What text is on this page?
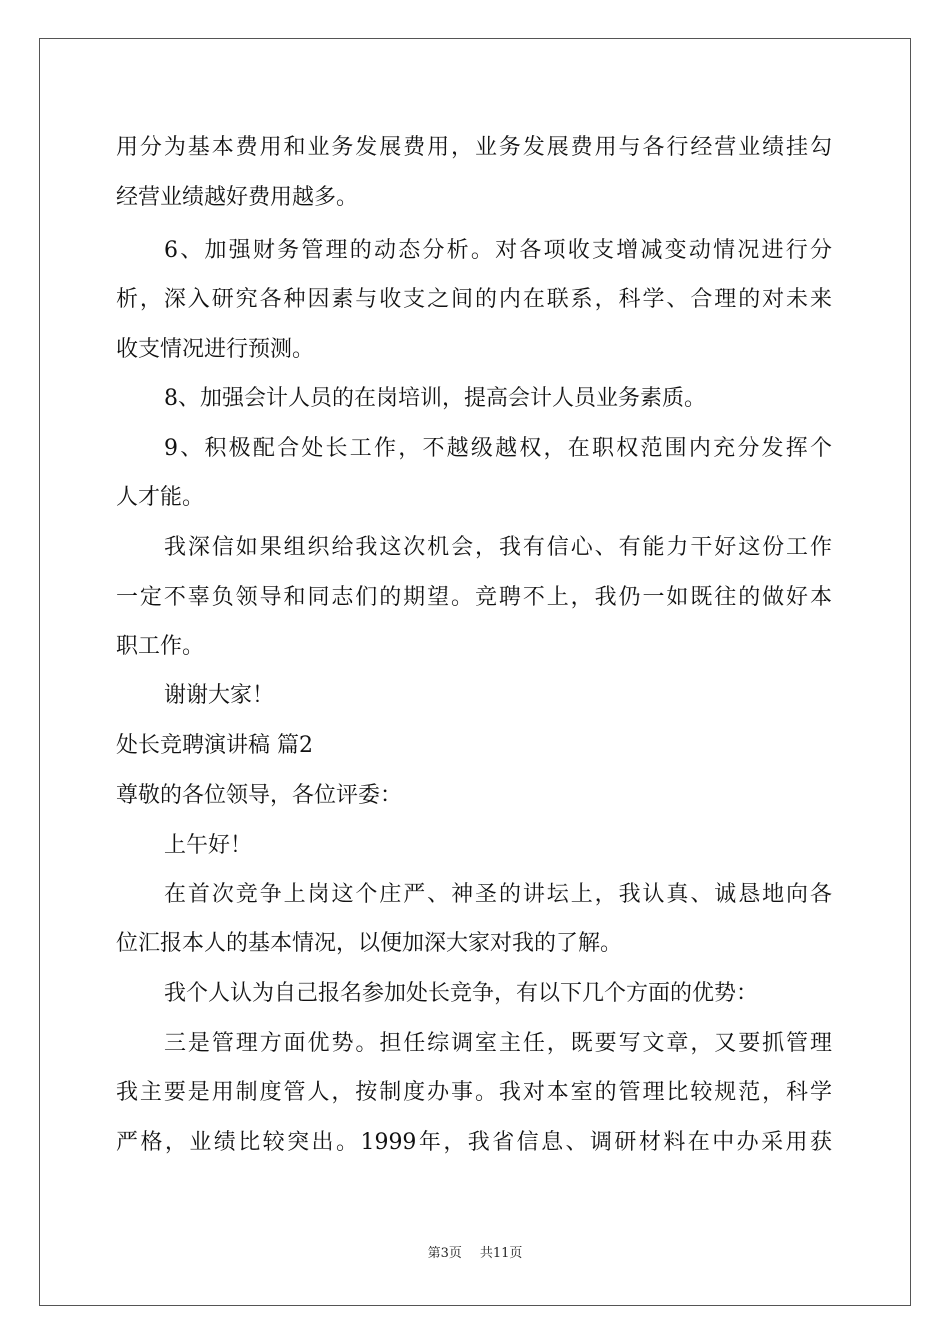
用分为基本费用和业务发展费用，业务发展费用与各行经营业绩挂勾
经营业绩越好费用越多。
6、加强财务管理的动态分析。对各项收支增减变动情况进行分
析，深入研究各种因素与收支之间的内在联系，科学、合理的对未来
收支情况进行预测。
8、加强会计人员的在岗培训，提高会计人员业务素质。
9、积极配合处长工作，不越级越权，在职权范围内充分发挥个
人才能。
我深信如果组织给我这次机会，我有信心、有能力干好这份工作
一定不辜负领导和同志们的期望。竞聘不上，我仍一如既往的做好本
职工作。
谢谢大家！
处长竞聘演讲稿 篇2
尊敬的各位领导，各位评委：
上午好！
在首次竞争上岗这个庄严、神圣的讲坛上，我认真、诚恳地向各
位汇报本人的基本情况，以便加深大家对我的了解。
我个人认为自己报名参加处长竞争，有以下几个方面的优势：
三是管理方面优势。担任综调室主任，既要写文章，又要抓管理
我主要是用制度管人，按制度办事。我对本室的管理比较规范，科学
严格，业绩比较突出。1999年，我省信息、调研材料在中办采用获
第3页 共11页
